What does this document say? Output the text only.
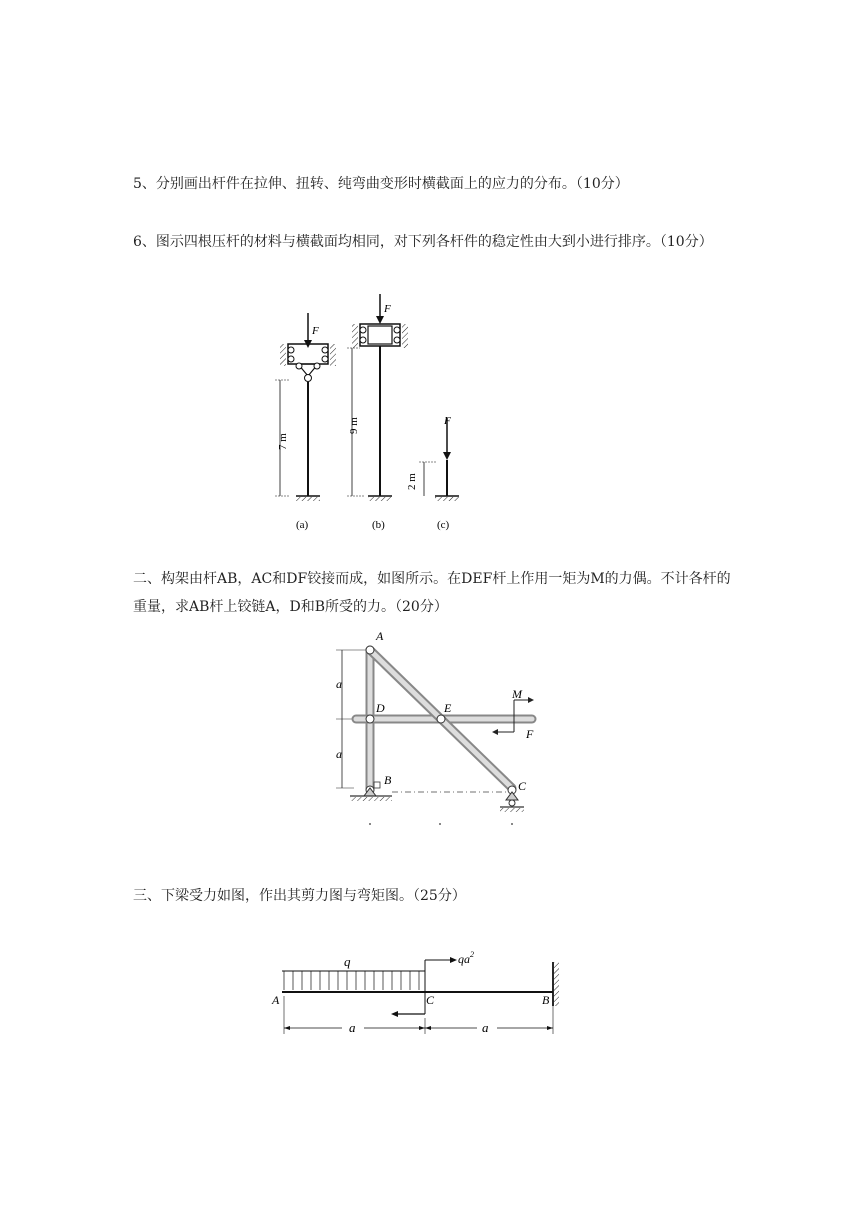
5、分别画出杆件在拉伸、扭转、纯弯曲变形时横截面上的应力的分布。（10分）

6、图示四根压杆的材料与横截面均相同，对下列各杆件的稳定性由大到小进行排序。（10分）

F
7 m
(a)
F
9 m
(b)
F
2 m
(c)

二、构架由杆AB，AC和DF铰接而成，如图所示。在DEF杆上作用一矩为M的力偶。不计各杆的重量，求AB杆上铰链A，D和B所受的力。（20分）

a
a
M
F
A
D	E
B	C

三、下梁受力如图，作出其剪力图与弯矩图。（25分）

q	$qa^2$
A	C	B
a	a
